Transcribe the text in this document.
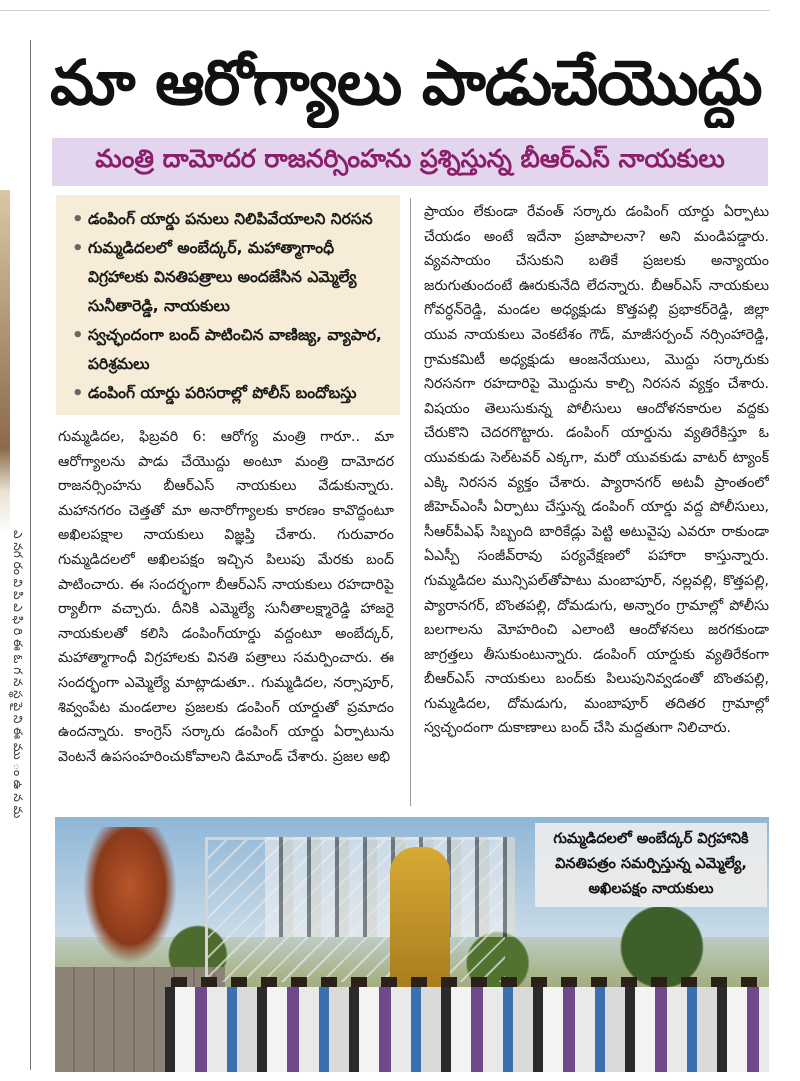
ఎ నగ రం వి పి ఎ ఫి రి ఈ ఓ గ న స్థ పై ని ఈ ము ం ఉ న మ
మా ఆరోగ్యాలు పాడుచేయొద్దు
మంత్రి దామోదర రాజనర్సింహను ప్రశ్నిస్తున్న బీఆర్ఎస్ నాయకులు
• డంపింగ్ యార్డు పనులు నిలిపివేయాలని నిరసన
• గుమ్మడిదలలో అంబేద్కర్, మహాత్మాగాంధీ విగ్రహాలకు వినతిపత్రాలు అందజేసిన ఎమ్మెల్యే సునీతారెడ్డి, నాయకులు
• స్వచ్ఛందంగా బంద్ పాటించిన వాణిజ్య, వ్యాపార, పరిశ్రమలు
• డంపింగ్ యార్డు పరిసరాల్లో పోలీస్ బందోబస్తు

గుమ్మడిదల, ఫిబ్రవరి 6: ఆరోగ్య మంత్రి గారూ.. మా ఆరోగ్యాలను పాడు చేయొద్దు అంటూ మంత్రి దామోదర రాజనర్సింహను బీఆర్ఎస్ నాయకులు వేడుకున్నారు. మహానగరం చెత్తతో మా అనారోగ్యాలకు కారణం కావొద్దంటూ అఖిలపక్షాల నాయకులు విజ్ఞప్తి చేశారు. గురువారం గుమ్మడిదలలో అఖిలపక్షం ఇచ్చిన పిలుపు మేరకు బంద్ పాటించారు. ఈ సందర్భంగా బీఆర్ఎస్ నాయకులు రహదారిపై ర్యాలీగా వచ్చారు. దీనికి ఎమ్మెల్యే సునీతాలక్ష్మారెడ్డి హాజరై నాయకులతో కలిసి డంపింగ్‌యార్డు వద్దంటూ అంబేద్కర్, మహాత్మాగాంధీ విగ్రహాలకు వినతి పత్రాలు సమర్పించారు. ఈ సందర్భంగా ఎమ్మెల్యే మాట్లాడుతూ.. గుమ్మడిదల, నర్సాపూర్, శివ్వంపేట మండలాల ప్రజలకు డంపింగ్ యార్డుతో ప్రమాదం ఉందన్నారు. కాంగ్రెస్ సర్కారు డంపింగ్ యార్డు ఏర్పాటును వెంటనే ఉపసంహరించుకోవాలని డిమాండ్ చేశారు. ప్రజల అభి

ప్రాయం లేకుండా రేవంత్ సర్కారు డంపింగ్ యార్డు ఏర్పాటు చేయడం అంటే ఇదేనా ప్రజాపాలనా? అని మండిపడ్డారు. వ్యవసాయం చేసుకుని బతికే ప్రజలకు అన్యాయం జరుగుతుందంటే ఊరుకునేది లేదన్నారు. బీఆర్ఎస్ నాయకులు గోవర్ధన్‌రెడ్డి, మండల అధ్యక్షుడు కొత్తపల్లి ప్రభాకర్‌రెడ్డి, జిల్లా యువ నాయకులు వెంకటేశం గౌడ్, మాజీసర్పంచ్ నర్సింహారెడ్డి, గ్రామకమిటీ అధ్యక్షుడు ఆంజనేయులు, మొద్దు సర్కారుకు నిరసనగా రహదారిపై మొద్దును కాల్చి నిరసన వ్యక్తం చేశారు. విషయం తెలుసుకున్న పోలీసులు ఆందోళనకారుల వద్దకు చేరుకొని చెదరగొట్టారు. డంపింగ్ యార్డును వ్యతిరేకిస్తూ ఓ యువకుడు సెల్‌టవర్ ఎక్కగా, మరో యువకుడు వాటర్ ట్యాంక్ ఎక్కి నిరసన వ్యక్తం చేశారు. ప్యారానగర్ అటవీ ప్రాంతంలో జీహెచ్ఎంసీ ఏర్పాటు చేస్తున్న డంపింగ్ యార్డు వద్ద పోలీసులు, సీఆర్‌పీఎఫ్ సిబ్బంది బారికేడ్లు పెట్టి అటువైపు ఎవరూ రాకుండా ఏఎస్పీ సంజీవ్‌రావు పర్యవేక్షణలో పహారా కాస్తున్నారు. గుమ్మడిదల మున్సిపల్‌తోపాటు మంబాపూర్, నల్లవల్లి, కొత్తపల్లి, ప్యారానగర్, బొంతపల్లి, దోమడుగు, అన్నారం గ్రామాల్లో పోలీసు బలగాలను మోహరించి ఎలాంటి ఆందోళనలు జరగకుండా జాగ్రత్తలు తీసుకుంటున్నారు. డంపింగ్ యార్డుకు వ్యతిరేకంగా బీఆర్ఎస్ నాయకులు బంద్‌కు పిలుపునివ్వడంతో బొంతపల్లి, గుమ్మడిదల, దోమడుగు, మంబాపూర్ తదితర గ్రామాల్లో స్వచ్ఛందంగా దుకాణాలు బంద్ చేసి మద్దతుగా నిలిచారు.

గుమ్మడిదలలో అంబేద్కర్ విగ్రహానికి వినతిపత్రం సమర్పిస్తున్న ఎమ్మెల్యే, అఖిలపక్షం నాయకులు
